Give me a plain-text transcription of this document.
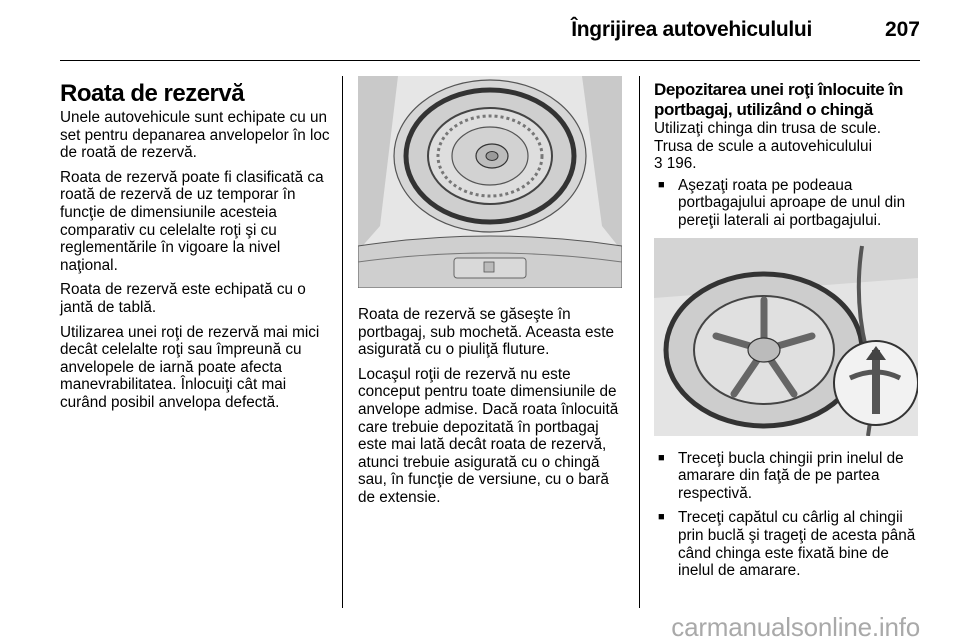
Îngrijirea autovehiculului	207
Roata de rezervă

Unele autovehicule sunt echipate cu un set pentru depanarea anvelopelor în loc de roată de rezervă.

Roata de rezervă poate fi clasificată ca roată de rezervă de uz temporar în funcţie de dimensiunile acesteia comparativ cu celelalte roţi şi cu reglementările în vigoare la nivel naţional.

Roata de rezervă este echipată cu o jantă de tablă.

Utilizarea unei roţi de rezervă mai mici decât celelalte roţi sau împreună cu anvelopele de iarnă poate afecta manevrabilitatea. Înlocuiţi cât mai curând posibil anvelopa defectă.

Roata de rezervă se găseşte în portbagaj, sub mochetă. Aceasta este asigurată cu o piuliţă fluture.

Locaşul roţii de rezervă nu este conceput pentru toate dimensiunile de anvelope admise. Dacă roata înlocuită care trebuie depozitată în portbagaj este mai lată decât roata de rezervă, atunci trebuie asigurată cu o chingă sau, în funcţie de versiune, cu o bară de extensie.

Depozitarea unei roţi înlocuite în portbagaj, utilizând o chingă
Utilizaţi chinga din trusa de scule.
Trusa de scule a autovehiculului

3 196.

■ Aşezaţi roata pe podeaua portbagajului aproape de unul din pereţii laterali ai portbagajului.
■ Treceţi bucla chingii prin inelul de amarare din faţă de pe partea respectivă.
■ Treceţi capătul cu cârlig al chingii prin buclă şi trageţi de acesta până când chinga este fixată bine de inelul de amarare.
carmanualsonline.info
